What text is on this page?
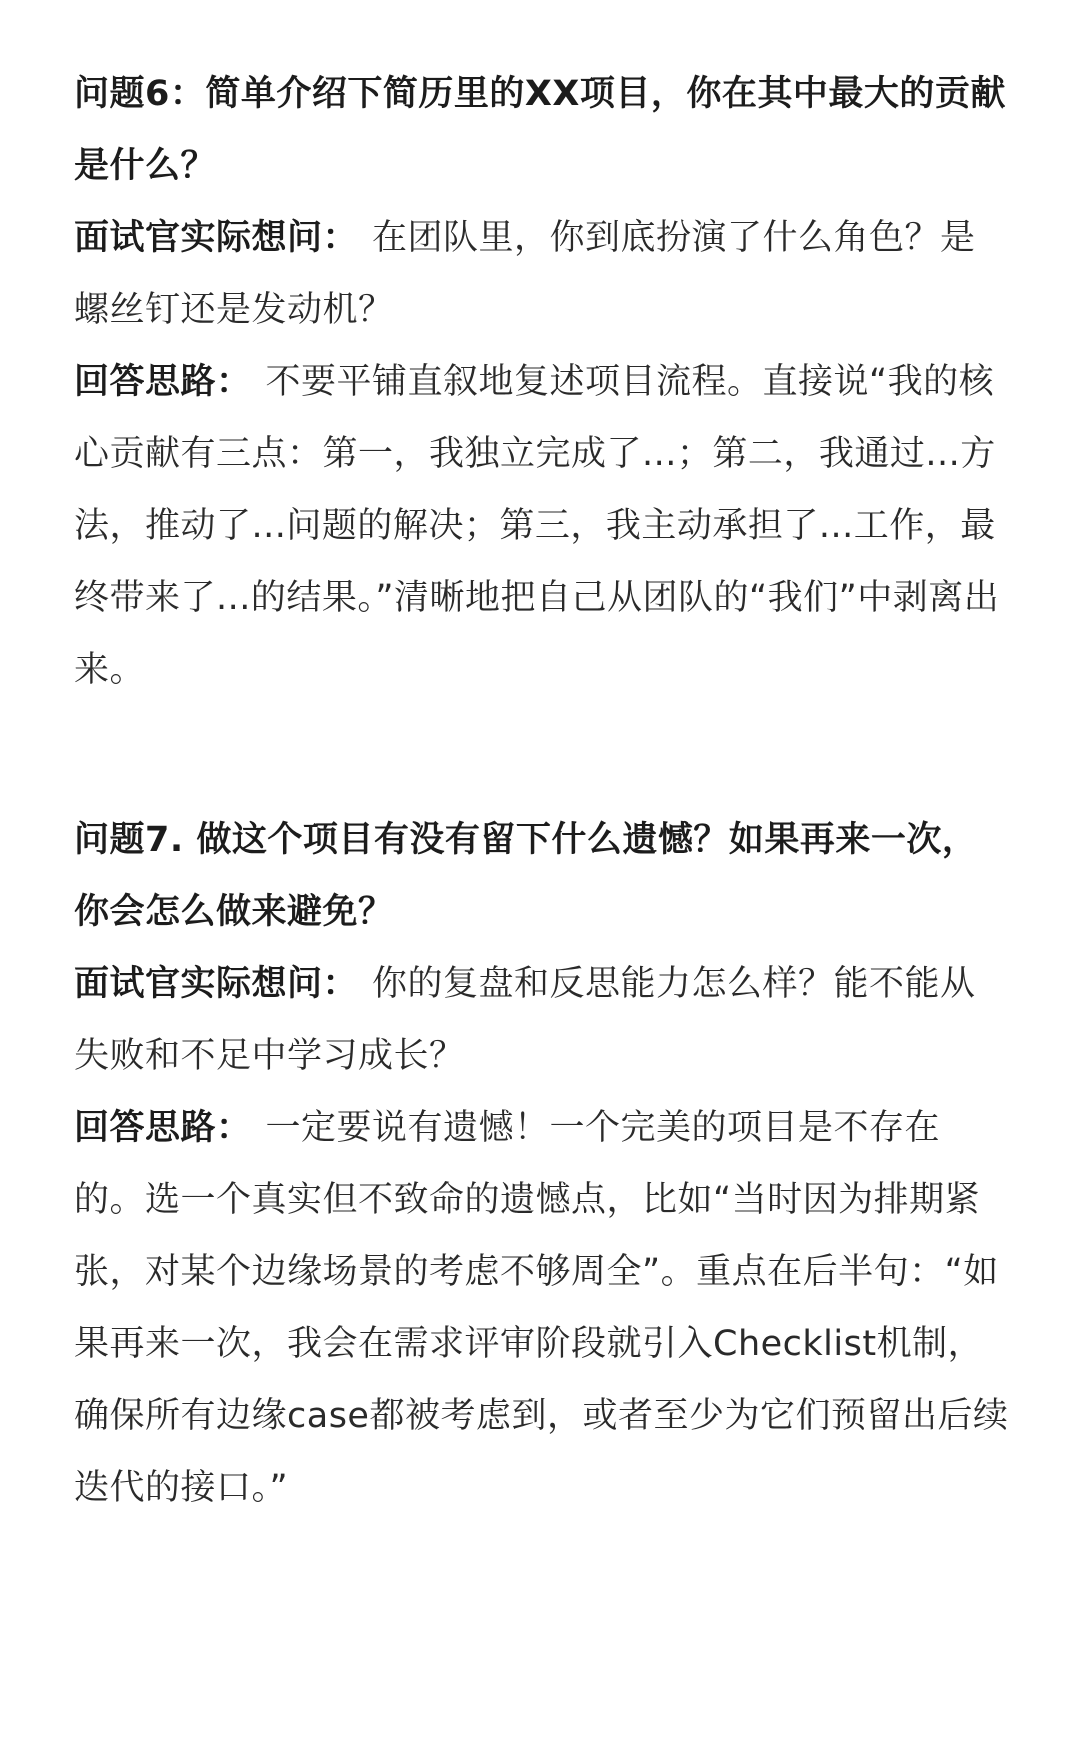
问题6：简单介绍下简历里的XX项目，你在其中最大的贡献是什么？

面试官实际想问： 在团队里，你到底扮演了什么角色？是螺丝钉还是发动机？

回答思路： 不要平铺直叙地复述项目流程。直接说“我的核心贡献有三点：第一，我独立完成了...；第二，我通过...方法，推动了...问题的解决；第三，我主动承担了...工作，最终带来了...的结果。”清晰地把自己从团队的“我们”中剥离出来。

问题7. 做这个项目有没有留下什么遗憾？如果再来一次，你会怎么做来避免？

面试官实际想问： 你的复盘和反思能力怎么样？能不能从失败和不足中学习成长？

回答思路： 一定要说有遗憾！一个完美的项目是不存在的。选一个真实但不致命的遗憾点，比如“当时因为排期紧张，对某个边缘场景的考虑不够周全”。重点在后半句：“如果再来一次，我会在需求评审阶段就引入Checklist机制，确保所有边缘case都被考虑到，或者至少为它们预留出后续迭代的接口。”
